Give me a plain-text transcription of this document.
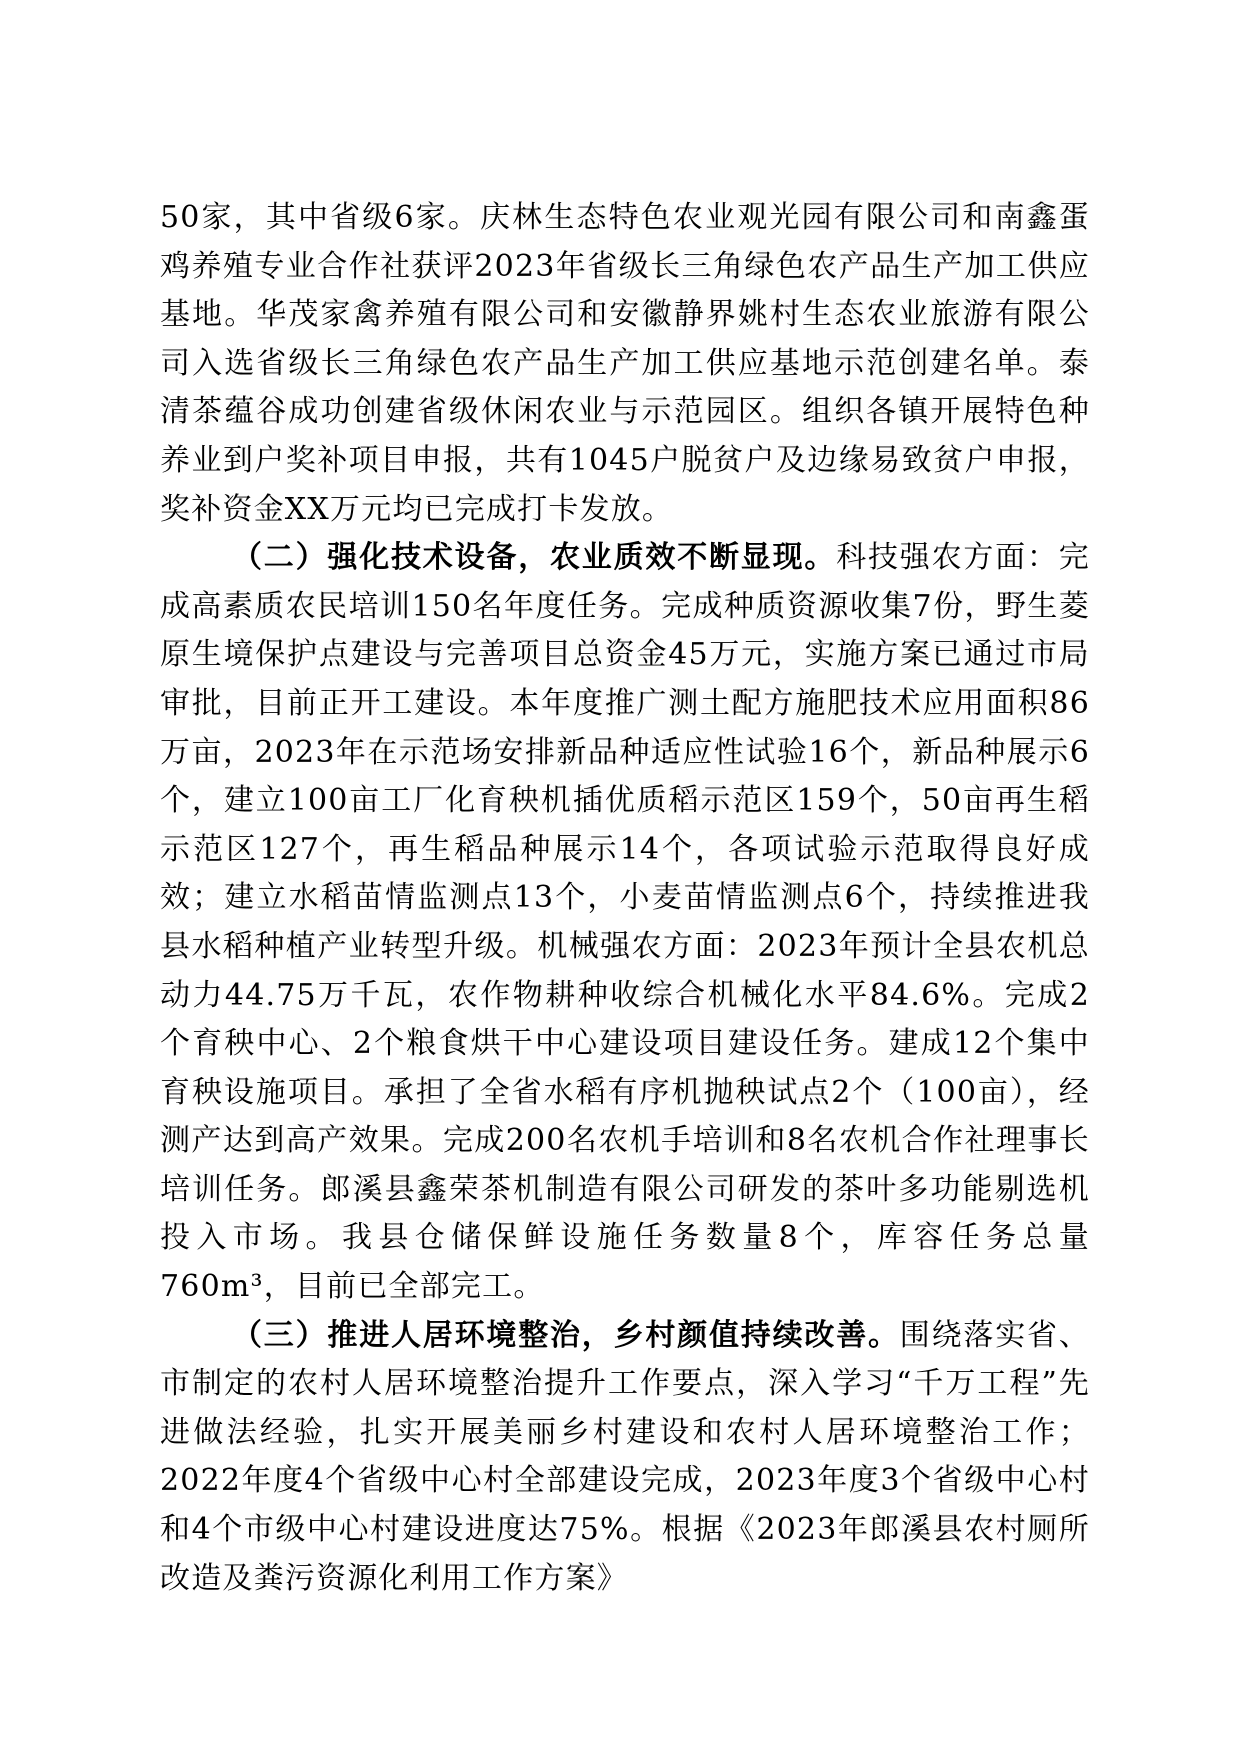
50家，其中省级6家。庆林生态特色农业观光园有限公司和南鑫蛋鸡养殖专业合作社获评2023年省级长三角绿色农产品生产加工供应基地。华茂家禽养殖有限公司和安徽静界姚村生态农业旅游有限公司入选省级长三角绿色农产品生产加工供应基地示范创建名单。泰清茶蕴谷成功创建省级休闲农业与示范园区。组织各镇开展特色种养业到户奖补项目申报，共有1045户脱贫户及边缘易致贫户申报，奖补资金XX万元均已完成打卡发放。

（二）强化技术设备，农业质效不断显现。科技强农方面：完成高素质农民培训150名年度任务。完成种质资源收集7份，野生菱原生境保护点建设与完善项目总资金45万元，实施方案已通过市局审批，目前正开工建设。本年度推广测土配方施肥技术应用面积86万亩，2023年在示范场安排新品种适应性试验16个，新品种展示6个，建立100亩工厂化育秧机插优质稻示范区159个，50亩再生稻示范区127个，再生稻品种展示14个，各项试验示范取得良好成效；建立水稻苗情监测点13个，小麦苗情监测点6个，持续推进我县水稻种植产业转型升级。机械强农方面：2023年预计全县农机总动力44.75万千瓦，农作物耕种收综合机械化水平84.6%。完成2个育秧中心、2个粮食烘干中心建设项目建设任务。建成12个集中育秧设施项目。承担了全省水稻有序机抛秧试点2个（100亩），经测产达到高产效果。完成200名农机手培训和8名农机合作社理事长培训任务。郎溪县鑫荣茶机制造有限公司研发的茶叶多功能剔选机投入市场。我县仓储保鲜设施任务数量8个，库容任务总量760m³，目前已全部完工。

（三）推进人居环境整治，乡村颜值持续改善。围绕落实省、市制定的农村人居环境整治提升工作要点，深入学习“千万工程”先进做法经验，扎实开展美丽乡村建设和农村人居环境整治工作；2022年度4个省级中心村全部建设完成，2023年度3个省级中心村和4个市级中心村建设进度达75%。根据《2023年郎溪县农村厕所改造及粪污资源化利用工作方案》
